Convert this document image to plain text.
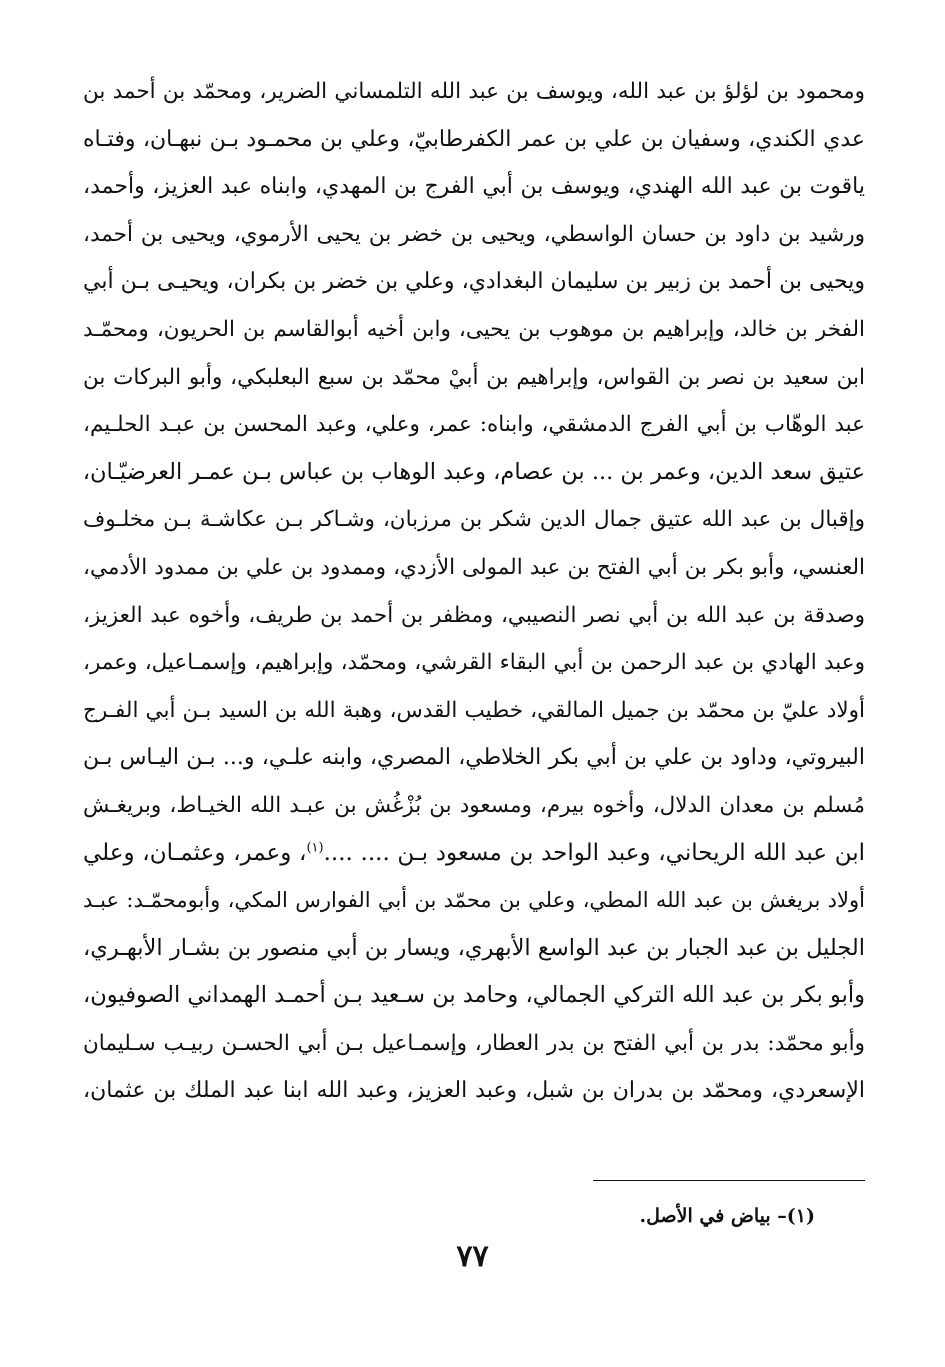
ومحمود بن لؤلؤ بن عبد الله، ويوسف بن عبد الله التلمساني الضرير، ومحمّد بن أحمد بن
عدي الكندي، وسفيان بن علي بن عمر الكفرطابيّ، وعلي بن محمـود بـن نبهـان، وفتـاه
ياقوت بن عبد الله الهندي، ويوسف بن أبي الفرج بن المهدي، وابناه عبد العزيز، وأحمد،
ورشيد بن داود بن حسان الواسطي، ويحيى بن خضر بن يحيى الأرموي، ويحيى بن أحمد،
ويحيى بن أحمد بن زبير بن سليمان البغدادي، وعلي بن خضر بن بكران، ويحيـى بـن أبي
الفخر بن خالد، وإبراهيم بن موهوب بن يحيى، وابن أخيه أبوالقاسم بن الحريون، ومحمّـد
ابن سعيد بن نصر بن القواس، وإبراهيم بن أبيْ محمّد بن سبع البعلبكي، وأبو البركات بن
عبد الوهّاب بن أبي الفرج الدمشقي، وابناه: عمر، وعلي، وعبد المحسن بن عبـد الحلـيم،
عتيق سعد الدين، وعمر بن ... بن عصام، وعبد الوهاب بن عباس بـن عمـر العرضيّـان،
وإقبال بن عبد الله عتيق جمال الدين شكر بن مرزبان، وشـاكر بـن عكاشـة بـن مخلـوف
العنسي، وأبو بكر بن أبي الفتح بن عبد المولى الأزدي، وممدود بن علي بن ممدود الأدمي،
وصدقة بن عبد الله بن أبي نصر النصيبي، ومظفر بن أحمد بن طريف، وأخوه عبد العزيز،
وعبد الهادي بن عبد الرحمن بن أبي البقاء القرشي، ومحمّد، وإبراهيم، وإسمـاعيل، وعمر،
أولاد عليّ بن محمّد بن جميل المالقي، خطيب القدس، وهبة الله بن السيد بـن أبي الفـرج
البيروتي، وداود بن علي بن أبي بكر الخلاطي، المصري، وابنه علـي، و... بـن اليـاس بـن
مُسلم بن معدان الدلال، وأخوه بيرم، ومسعود بن بُزْغُش بن عبـد الله الخيـاط، وبريغـش
ابن عبد الله الريحاني، وعبد الواحد بن مسعود بـن .... ....$^{(١)}$، وعمر، وعثمـان، وعلي
أولاد بريغش بن عبد الله المطي، وعلي بن محمّد بن أبي الفوارس المكي، وأبومحمّـد: عبـد
الجليل بن عبد الجبار بن عبد الواسع الأبهري، ويسار بن أبي منصور بن بشـار الأبهـري،
وأبو بكر بن عبد الله التركي الجمالي، وحامد بن سـعيد بـن أحمـد الهمداني الصوفيون،
وأبو محمّد: بدر بن أبي الفتح بن بدر العطار، وإسمـاعيل بـن أبي الحسـن ربيـب سـليمان
الإسعردي، ومحمّد بن بدران بن شبل، وعبد العزيز، وعبد الله ابنا عبد الملك بن عثمان،
(١)– بياض في الأصل.
٧٧
